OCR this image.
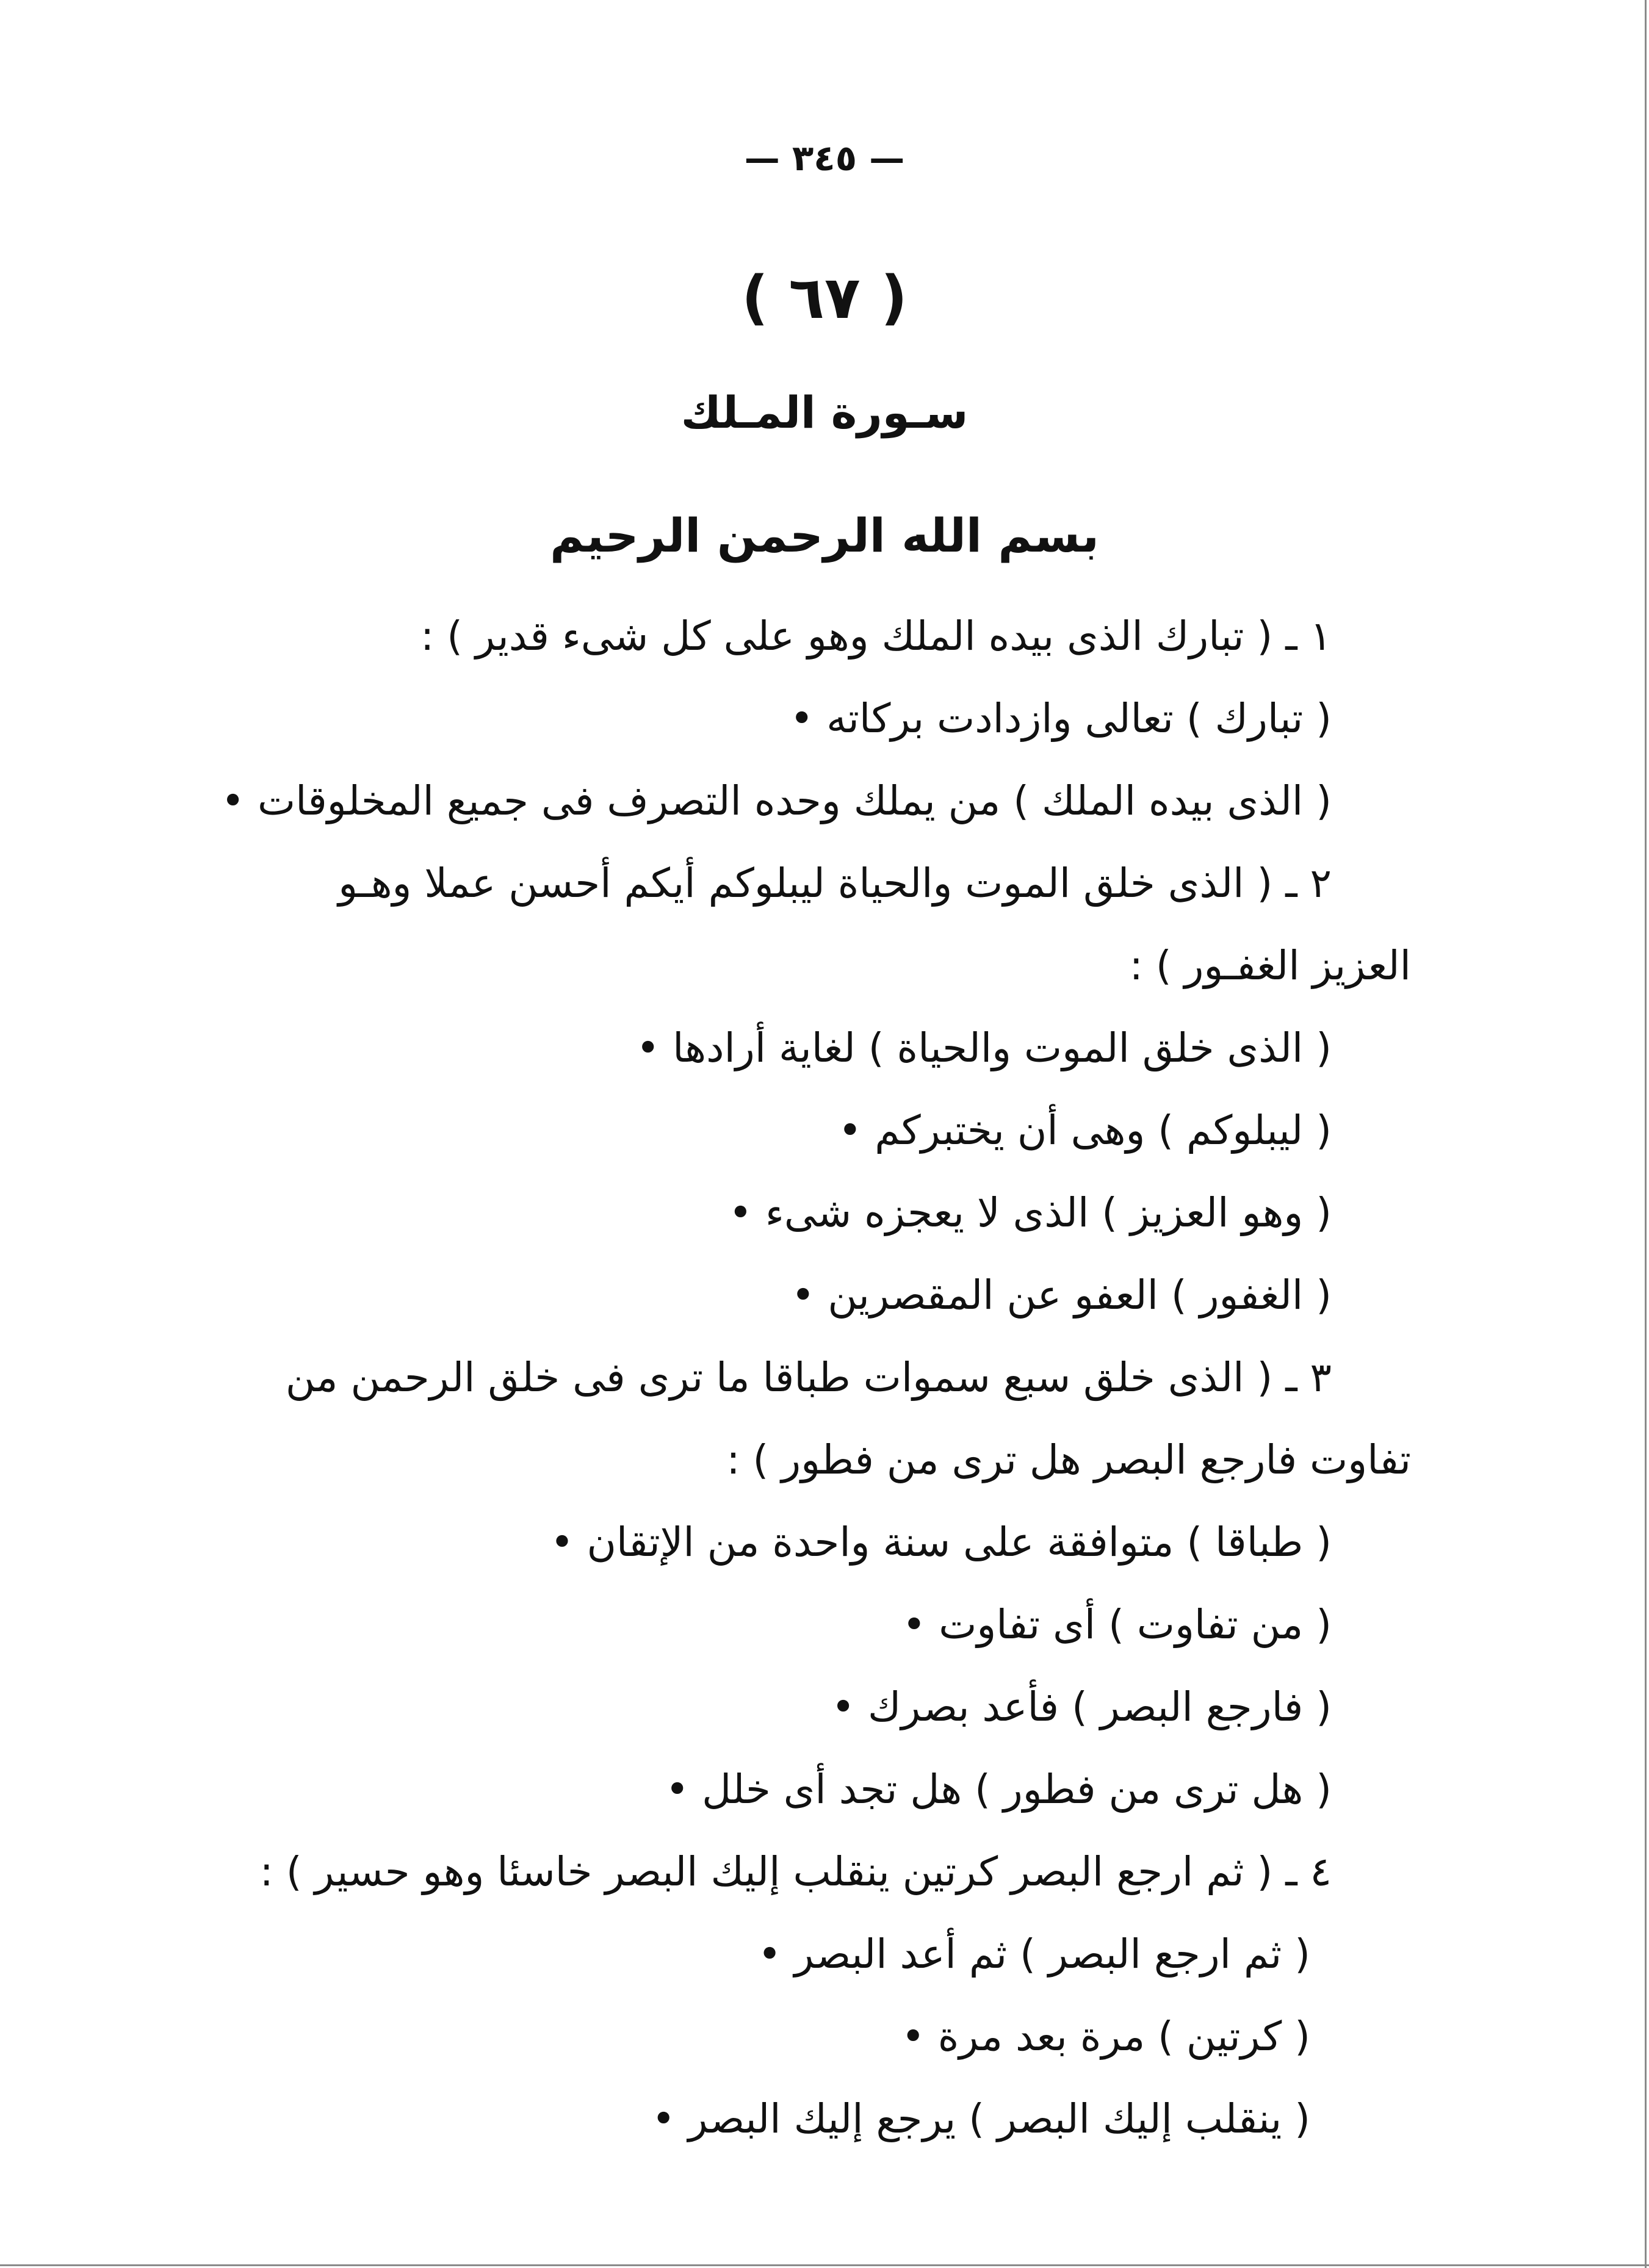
— ٣٤٥ —
( ٦٧ )
سـورة المـلك
بسم الله الرحمن الرحيم
١ ـ ( تبارك الذى بيده الملك وهو على كل شىء قدير ) :
( تبارك ) تعالى وازدادت بركاته •
( الذى بيده الملك ) من يملك وحده التصرف فى جميع المخلوقات •
٢ ـ ( الذى خلق الموت والحياة ليبلوكم أيكم أحسن عملا وهـو
العزيز الغفـور ) :
( الذى خلق الموت والحياة ) لغاية أرادها •
( ليبلوكم ) وهى أن يختبركم •
( وهو العزيز ) الذى لا يعجزه شىء •
( الغفور ) العفو عن المقصرين •
٣ ـ ( الذى خلق سبع سموات طباقا ما ترى فى خلق الرحمن من
تفاوت فارجع البصر هل ترى من فطور ) :
( طباقا ) متوافقة على سنة واحدة من الإتقان •
( من تفاوت ) أى تفاوت •
( فارجع البصر ) فأعد بصرك •
( هل ترى من فطور ) هل تجد أى خلل •
٤ ـ ( ثم ارجع البصر كرتين ينقلب إليك البصر خاسئا وهو حسير ) :
( ثم ارجع البصر ) ثم أعد البصر •
( كرتين ) مرة بعد مرة •
( ينقلب إليك البصر ) يرجع إليك البصر •
